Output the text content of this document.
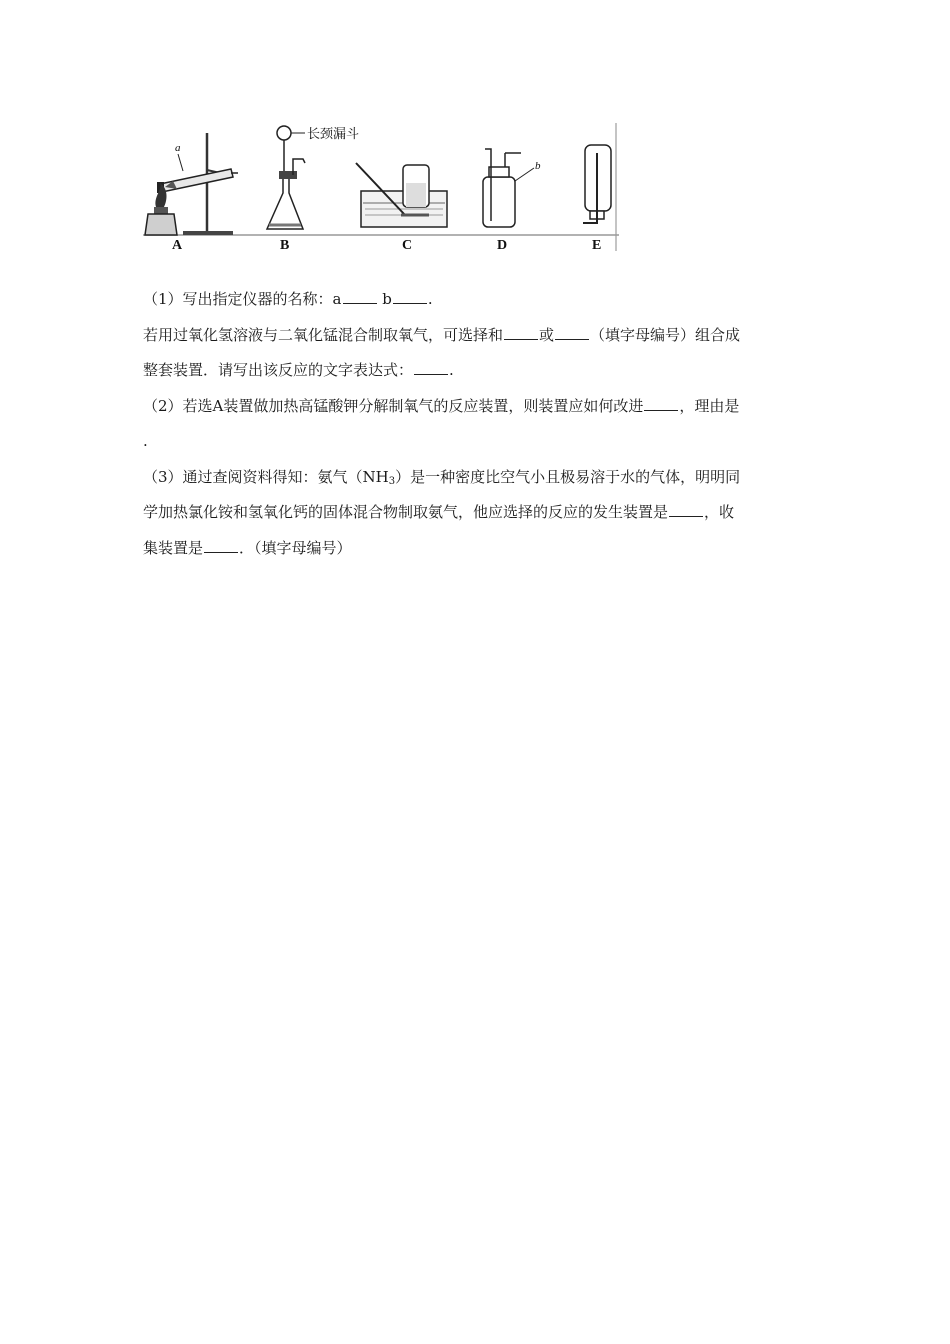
a
A
长颈漏斗
B	C
b
D	E
（1）写出指定仪器的名称：a	b .
若用过氧化氢溶液与二氧化锰混合制取氧气，可选择和 或 （填字母编号）组合成
整套装置．请写出该反应的文字表达式： .
（2）若选A装置做加热高锰酸钾分解制氧气的反应装置，则装置应如何改进 ，理由是
.
（3）通过查阅资料得知：氨气$(NH_3)$是一种密度比空气小且极易溶于水的气体，明明同
学加热氯化铵和氢氧化钙的固体混合物制取氨气，他应选择的反应的发生装置是 ，收
集装置是 ．（填字母编号）
